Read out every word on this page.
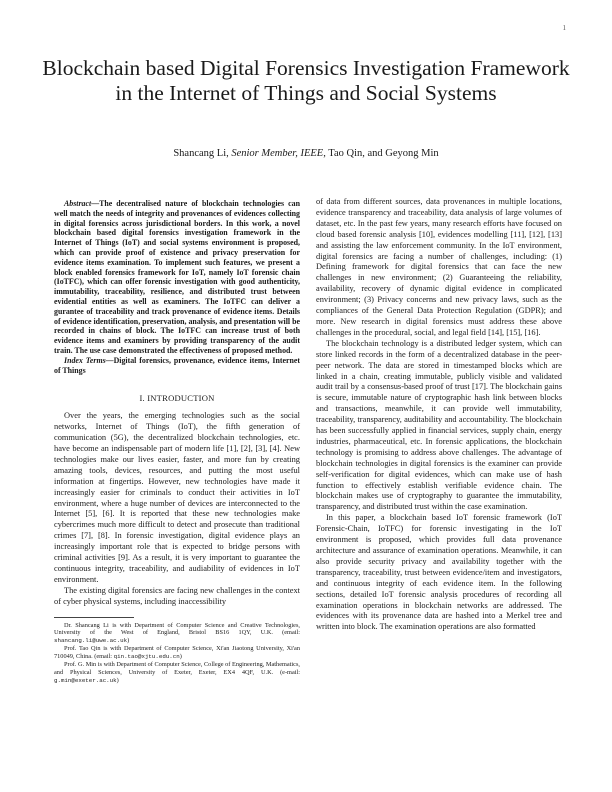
1
Blockchain based Digital Forensics Investigation Framework in the Internet of Things and Social Systems
Shancang Li, Senior Member, IEEE, Tao Qin, and Geyong Min

Abstract—The decentralised nature of blockchain technologies can well match the needs of integrity and provenances of evidences collecting in digital forensics across jurisdictional borders. In this work, a novel blockchain based digital forensics investigation framework in the Internet of Things (IoT) and social systems environment is proposed, which can provide proof of existence and privacy preservation for evidence items examination. To implement such features, we present a block enabled forensics framework for IoT, namely IoT forensic chain (IoTFC), which can offer forensic investigation with good authenticity, immutability, traceability, resilience, and distributed trust between evidential entities as well as examiners. The IoTFC can deliver a gurantee of traceability and track provenance of evidence items. Details of evidence identification, preservation, analysis, and presentation will be recorded in chains of block. The IoTFC can increase trust of both evidence items and examiners by providing transparency of the audit train. The use case demonstrated the effectiveness of proposed method.

Index Terms—Digital forensics, provenance, evidence items, Internet of Things

I. INTRODUCTION

Over the years, the emerging technologies such as the social networks, Internet of Things (IoT), the fifth generation of communication (5G), the decentralized blockchain technologies, etc. have become an indispensable part of modern life [1], [2], [3], [4]. New technologies make our lives easier, faster, and more fun by creating amazing tools, devices, resources, and putting the most useful information at fingertips. However, new technologies have made it increasingly easier for criminals to conduct their activities in IoT environment, where a huge number of devices are interconnected to the Internet [5], [6]. It is reported that these new technologies make cybercrimes much more difficult to detect and prosecute than traditional crimes [7], [8]. In forensic investigation, digital evidence plays an increasingly important role that is expected to bridge persons with criminal activities [9]. As a result, it is very important to guarantee the continuous integrity, traceability, and audiability of evidences in IoT environment.

The existing digital forensics are facing new challenges in the context of cyber physical systems, including inaccessibility

Dr. Shancang Li is with Department of Computer Science and Creative Technologies, University of the West of England, Bristol BS16 1QY, U.K. (email: shancang.li@uwe.ac.uk)

Prof. Tao Qin is with Department of Computer Science, Xi'an Jiaotong University, Xi'an 710049, China. (email: qin.tao@xjtu.edu.cn)

Prof. G. Min is with Department of Computer Science, College of Engineering, Mathematics, and Physical Sciences, University of Exeter, Exeter, EX4 4QF, U.K. (e-mail: g.min@exeter.ac.uk)

of data from different sources, data provenances in multiple locations, evidence transparency and traceability, data analysis of large volumes of dataset, etc. In the past few years, many research efforts have focused on cloud based forensic analysis [10], evidences modelling [11], [12], [13] and assisting the law enforcement community. In the IoT environment, digital forensics are facing a number of challenges, including: (1) Defining framework for digital forensics that can face the new challenges in new environment; (2) Guaranteeing the reliability, availability, recovery of dynamic digital evidence in complicated environment; (3) Privacy concerns and new privacy laws, such as the compliances of the General Data Protection Regulation (GDPR); and more. New research in digital forensics must address these above challenges in the procedural, social, and legal field [14], [15], [16].

The blockchain technology is a distributed ledger system, which can store linked records in the form of a decentralized database in the peer-peer network. The data are stored in timestamped blocks which are linked in a chain, creating immutable, publicly visible and validated audit trail by a consensus-based proof of trust [17]. The blockchain gains is secure, immutable nature of cryptographic hash link between blocks and transactions, meanwhile, it can provide well immutability, traceability, transparency, auditability and accountability. The blockchain has been successfully applied in financial services, supply chain, energy industries, pharmaceutical, etc. In forensic applications, the blockchain technology is promising to address above challenges. The advantage of blockchain technologies in digital forensics is the examiner can provide self-verification for digital evidences, which can make use of hash function to effectively establish verifiable evidence chain. The blockchain makes use of cryptography to guarantee the immutability, transparency, and distributed trust within the case examination.

In this paper, a blockchain based IoT forensic framework (IoT Forensic-Chain, IoTFC) for forensic investigating in the IoT environment is proposed, which provides full data provenance architecture and assurance of examination operations. Meanwhile, it can also provide security privacy and availability together with the transparency, traceability, trust between evidence/item and investigators, and continuous integrity of each evidence item. In the following sections, detailed IoT forensic analysis procedures of recording all examination operations in blockchain networks are addressed. The evidences with its provenance data are hashed into a Merkel tree and written into block. The examination operations are also formatted
